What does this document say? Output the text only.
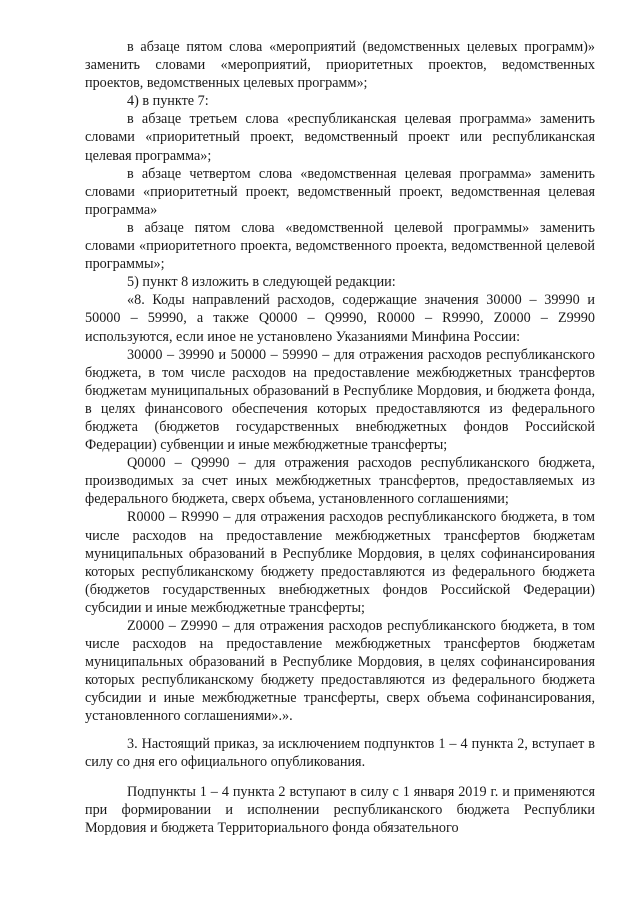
в абзаце пятом слова «мероприятий (ведомственных целевых программ)» заменить словами «мероприятий, приоритетных проектов, ведомственных проектов, ведомственных целевых программ»;

4) в пункте 7:

в абзаце третьем слова «республиканская целевая программа» заменить словами «приоритетный проект, ведомственный проект или республиканская целевая программа»;

в абзаце четвертом слова «ведомственная целевая программа» заменить словами «приоритетный проект, ведомственный проект, ведомственная целевая программа»

в абзаце пятом слова «ведомственной целевой программы» заменить словами «приоритетного проекта, ведомственного проекта, ведомственной целевой программы»;

5) пункт 8 изложить в следующей редакции:

«8. Коды направлений расходов, содержащие значения 30000 – 39990 и 50000 – 59990, а также Q0000 – Q9990, R0000 – R9990, Z0000 – Z9990 используются, если иное не установлено Указаниями Минфина России:

30000 – 39990 и 50000 – 59990 – для отражения расходов республиканского бюджета, в том числе расходов на предоставление межбюджетных трансфертов бюджетам муниципальных образований в Республике Мордовия, и бюджета фонда, в целях финансового обеспечения которых предоставляются из федерального бюджета (бюджетов государственных внебюджетных фондов Российской Федерации) субвенции и иные межбюджетные трансферты;

Q0000 – Q9990 – для отражения расходов республиканского бюджета, производимых за счет иных межбюджетных трансфертов, предоставляемых из федерального бюджета, сверх объема, установленного соглашениями;

R0000 – R9990 – для отражения расходов республиканского бюджета, в том числе расходов на предоставление межбюджетных трансфертов бюджетам муниципальных образований в Республике Мордовия, в целях софинансирования которых республиканскому бюджету предоставляются из федерального бюджета (бюджетов государственных внебюджетных фондов Российской Федерации) субсидии и иные межбюджетные трансферты;

Z0000 – Z9990 – для отражения расходов республиканского бюджета, в том числе расходов на предоставление межбюджетных трансфертов бюджетам муниципальных образований в Республике Мордовия, в целях софинансирования которых республиканскому бюджету предоставляются из федерального бюджета субсидии и иные межбюджетные трансферты, сверх объема софинансирования, установленного соглашениями».».

3. Настоящий приказ, за исключением подпунктов 1 – 4 пункта 2, вступает в силу со дня его официального опубликования.

Подпункты 1 – 4 пункта 2 вступают в силу с 1 января 2019 г. и применяются при формировании и исполнении республиканского бюджета Республики Мордовия и бюджета Территориального фонда обязательного
